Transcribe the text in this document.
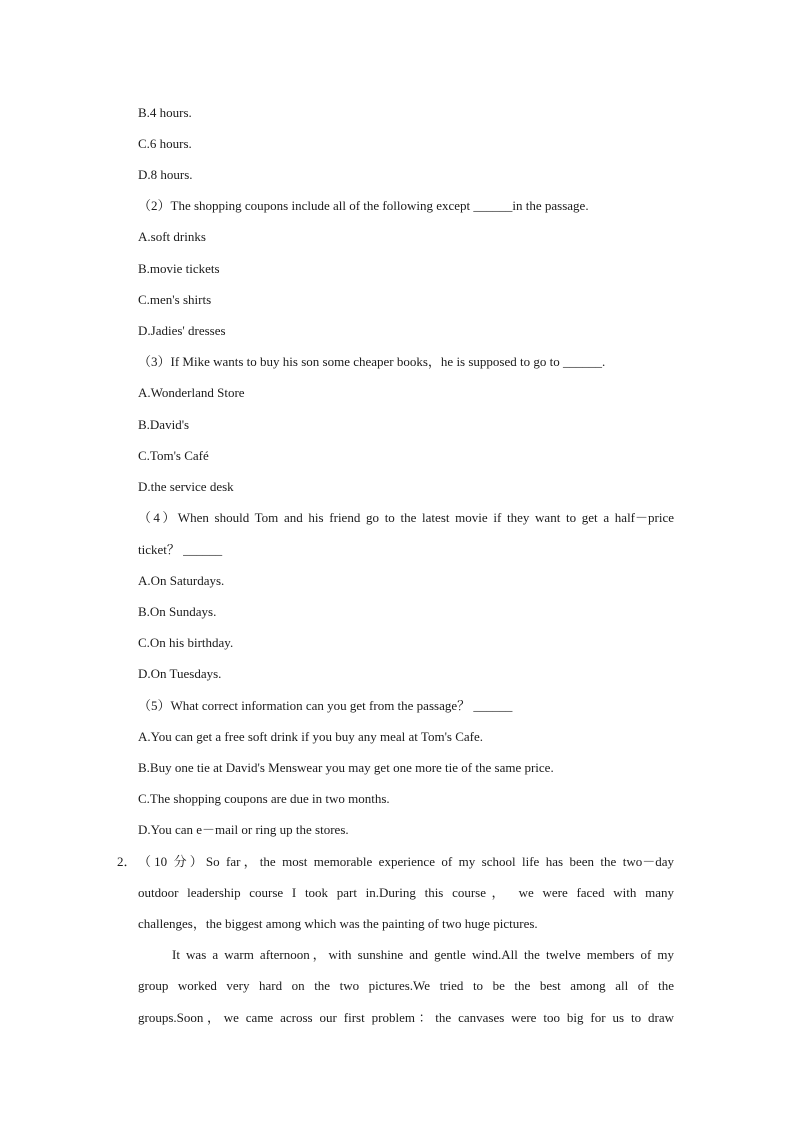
B.4 hours.
C.6 hours.
D.8 hours.
（2）The shopping coupons include all of the following except ______in the passage.
A.soft drinks
B.movie tickets
C.men's shirts
D.Jadies' dresses
（3）If Mike wants to buy his son some cheaper books，he is supposed to go to ______.
A.Wonderland Store
B.David's
C.Tom's Café
D.the service desk
（4）When should Tom and his friend go to the latest movie if they want to get a half－price
ticket？ ______
A.On Saturdays.
B.On Sundays.
C.On his birthday.
D.On Tuesdays.
（5）What correct information can you get from the passage？ ______
A.You can get a free soft drink if you buy any meal at Tom's Cafe.
B.Buy one tie at David's Menswear you may get one more tie of the same price.
C.The shopping coupons are due in two months.
D.You can e－mail or ring up the stores.
2． （10 分）So far，the most memorable experience of my school life has been the two－day
outdoor leadership course I took part in.During this course， we were faced with many
challenges，the biggest among which was the painting of two huge pictures.
It was a warm afternoon，with sunshine and gentle wind.All the twelve members of my
group worked very hard on the two pictures.We tried to be the best among all of the
groups.Soon，we came across our first problem：the canvases were too big for us to draw
